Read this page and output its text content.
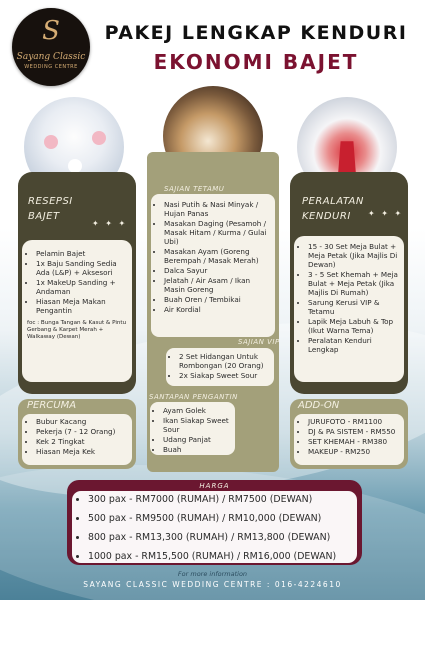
S
Sayang Classic
WEDDING CENTRE
PAKEJ LENGKAP KENDURI
EKONOMI BAJET
RESEPSI
BAJET
✦ ✦ ✦
• Pelamin Bajet
• 1x Baju Sanding Sedia Ada (L&P) + Aksesori
• 1x MakeUp Sanding + Andaman
• Hiasan Meja Makan Pengantin
foc : Bunga Tangan & Kasut & Pintu Gerbang & Karpet Merah + Walkaway (Dewan)
SAJIAN TETAMU
• Nasi Putih & Nasi Minyak / Hujan Panas
• Masakan Daging (Pesamoh / Masak Hitam / Kurma / Gulai Ubi)
• Masakan Ayam (Goreng Berempah / Masak Merah)
• Dalca Sayur
• Jelatah / Air Asam / Ikan Masin Goreng
• Buah Oren / Tembikai
• Air Kordial
SAJIAN VIP
• 2 Set Hidangan Untuk Rombongan (20 Orang)
• 2x Siakap Sweet Sour
SANTAPAN PENGANTIN
• Ayam Golek
• Ikan Siakap Sweet Sour
• Udang Panjat
• Buah
PERALATAN
KENDURI ✦ ✦ ✦
• 15 - 30 Set Meja Bulat + Meja Petak (Jika Majlis Di Dewan)
• 3 - 5 Set Khemah + Meja Bulat + Meja Petak (Jika Majlis Di Rumah)
• Sarung Kerusi VIP & Tetamu
• Lapik Meja Labuh & Top (Ikut Warna Tema)
• Peralatan Kenduri Lengkap
PERCUMA
• Bubur Kacang
• Pekerja (7 - 12 Orang)
• Kek 2 Tingkat
• Hiasan Meja Kek
ADD-ON
• JURUFOTO - RM1100
• DJ & PA SISTEM - RM550
• SET KHEMAH - RM380
• MAKEUP - RM250
HARGA
• 300 pax - RM7000 (RUMAH) / RM7500 (DEWAN)
• 500 pax - RM9500 (RUMAH) / RM10,000 (DEWAN)
• 800 pax - RM13,300 (RUMAH) / RM13,800 (DEWAN)
• 1000 pax - RM15,500 (RUMAH) / RM16,000 (DEWAN)
For more information
SAYANG CLASSIC WEDDING CENTRE : 016-4224610
